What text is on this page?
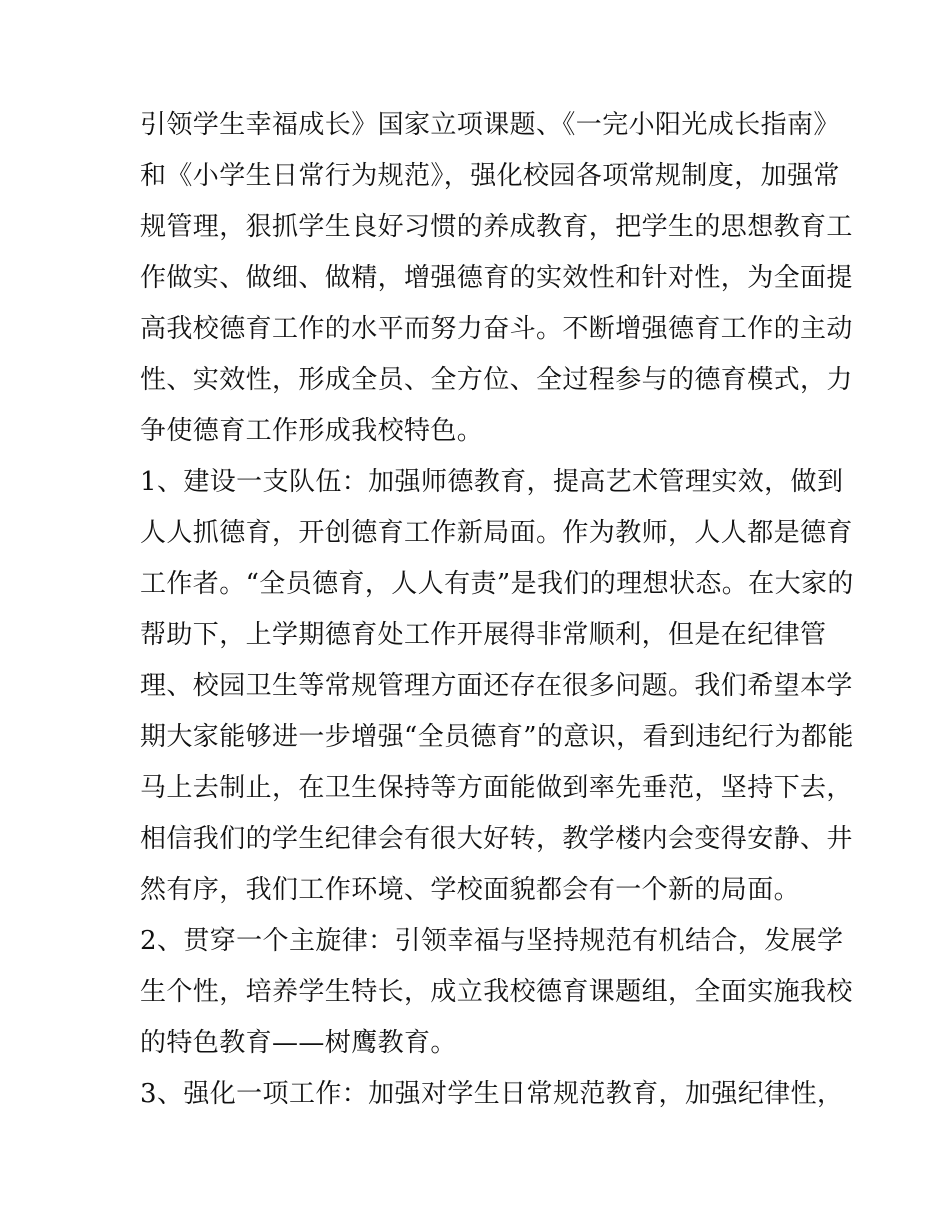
引领学生幸福成长》国家立项课题、《一完小阳光成长指南》
和《小学生日常行为规范》，强化校园各项常规制度，加强常
规管理，狠抓学生良好习惯的养成教育，把学生的思想教育工
作做实、做细、做精，增强德育的实效性和针对性，为全面提
高我校德育工作的水平而努力奋斗。不断增强德育工作的主动
性、实效性，形成全员、全方位、全过程参与的德育模式，力
争使德育工作形成我校特色。
1、建设一支队伍：加强师德教育，提高艺术管理实效，做到
人人抓德育，开创德育工作新局面。作为教师，人人都是德育
工作者。“全员德育，人人有责”是我们的理想状态。在大家的
帮助下，上学期德育处工作开展得非常顺利，但是在纪律管
理、校园卫生等常规管理方面还存在很多问题。我们希望本学
期大家能够进一步增强“全员德育”的意识，看到违纪行为都能
马上去制止，在卫生保持等方面能做到率先垂范，坚持下去，
相信我们的学生纪律会有很大好转，教学楼内会变得安静、井
然有序，我们工作环境、学校面貌都会有一个新的局面。
2、贯穿一个主旋律：引领幸福与坚持规范有机结合，发展学
生个性，培养学生特长，成立我校德育课题组，全面实施我校
的特色教育——树鹰教育。
3、强化一项工作：加强对学生日常规范教育，加强纪律性，
